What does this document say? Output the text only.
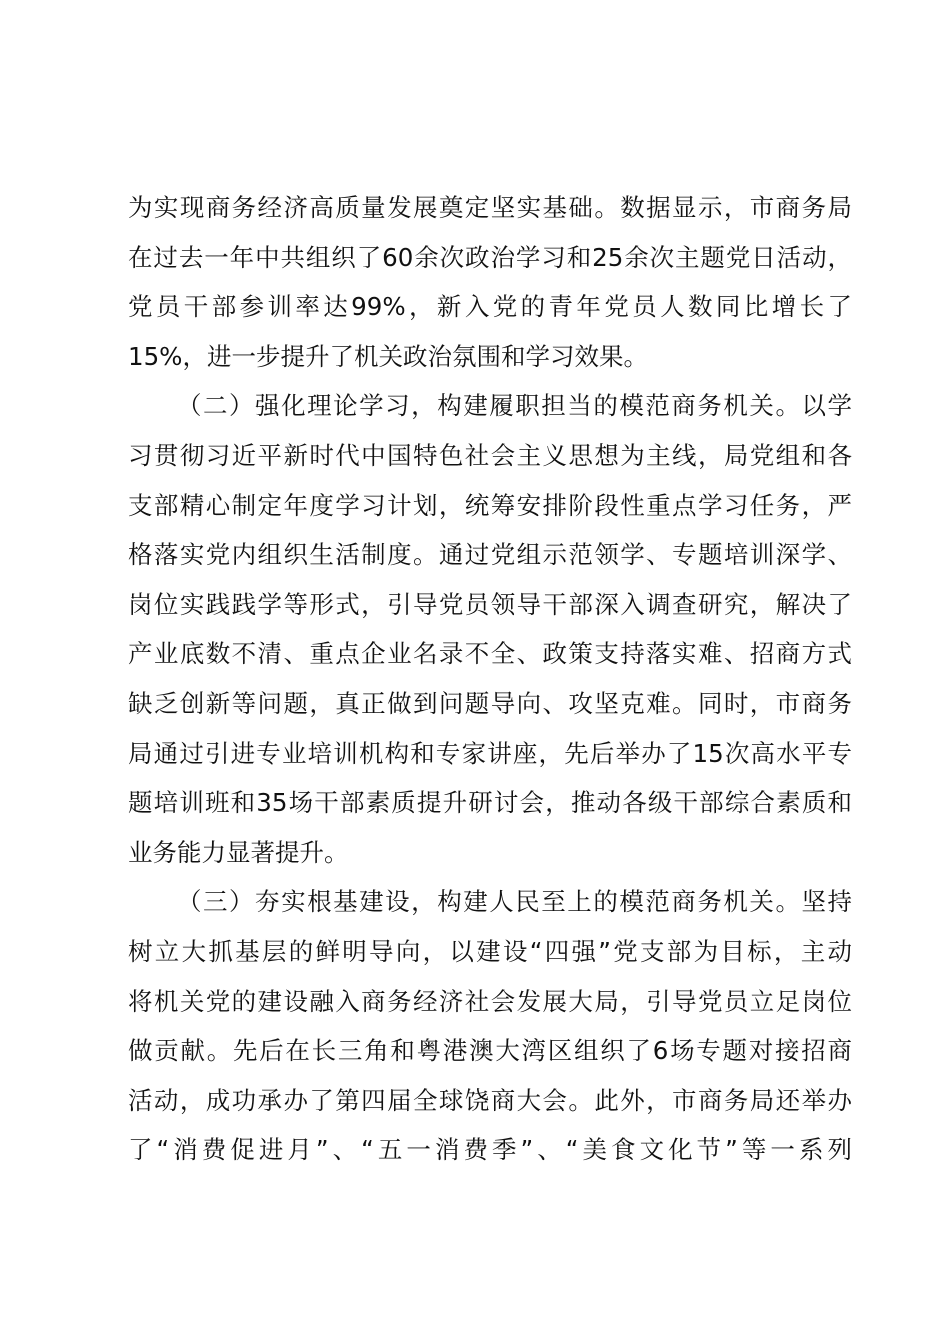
为实现商务经济高质量发展奠定坚实基础。数据显示，市商务局
在过去一年中共组织了60余次政治学习和25余次主题党日活动，
党员干部参训率达99%，新入党的青年党员人数同比增长了
15%，进一步提升了机关政治氛围和学习效果。
（二）强化理论学习，构建履职担当的模范商务机关。以学
习贯彻习近平新时代中国特色社会主义思想为主线，局党组和各
支部精心制定年度学习计划，统筹安排阶段性重点学习任务，严
格落实党内组织生活制度。通过党组示范领学、专题培训深学、
岗位实践践学等形式，引导党员领导干部深入调查研究，解决了
产业底数不清、重点企业名录不全、政策支持落实难、招商方式
缺乏创新等问题，真正做到问题导向、攻坚克难。同时，市商务
局通过引进专业培训机构和专家讲座，先后举办了15次高水平专
题培训班和35场干部素质提升研讨会，推动各级干部综合素质和
业务能力显著提升。
（三）夯实根基建设，构建人民至上的模范商务机关。坚持
树立大抓基层的鲜明导向，以建设“四强”党支部为目标，主动
将机关党的建设融入商务经济社会发展大局，引导党员立足岗位
做贡献。先后在长三角和粤港澳大湾区组织了6场专题对接招商
活动，成功承办了第四届全球饶商大会。此外，市商务局还举办
了“消费促进月”、“五一消费季”、“美食文化节”等一系列
